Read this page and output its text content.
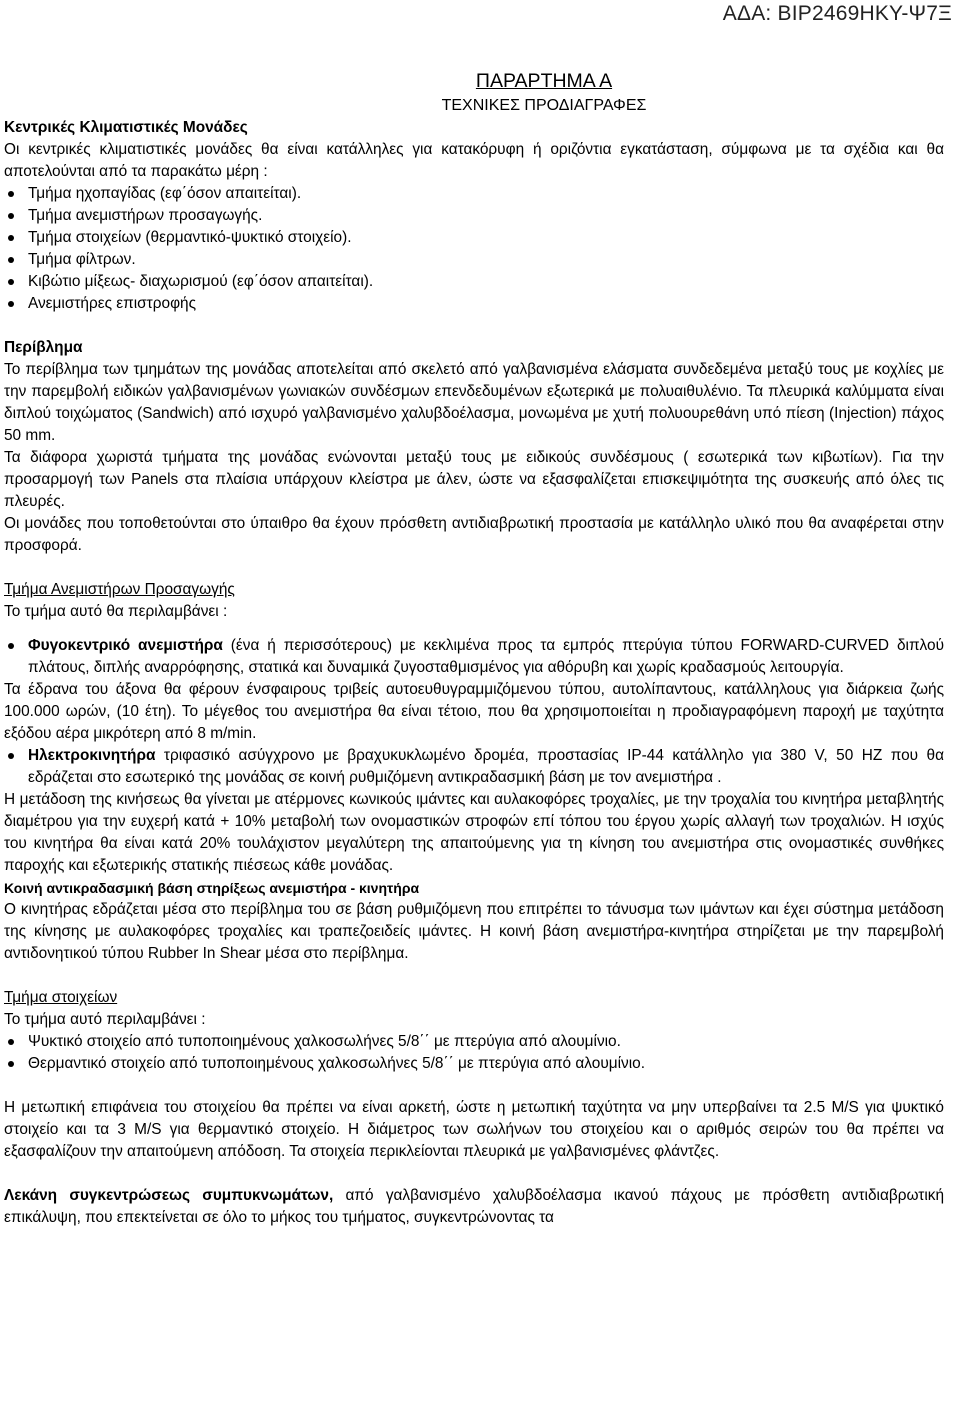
ΑΔΑ: ΒΙΡ2469ΗΚΥ-Ψ7Ξ

ΠΑΡΑΡΤΗΜΑ Α

ΤΕΧΝΙΚΕΣ ΠΡΟΔΙΑΓΡΑΦΕΣ

Κεντρικές Κλιματιστικές Μονάδες

Οι κεντρικές κλιματιστικές μονάδες θα είναι κατάλληλες για κατακόρυφη ή οριζόντια εγκατάσταση, σύμφωνα με τα σχέδια και θα αποτελούνται από τα παρακάτω μέρη :

Τμήμα ηχοπαγίδας (εφ΄όσον απαιτείται).
Τμήμα ανεμιστήρων προσαγωγής.
Τμήμα στοιχείων (θερμαντικό-ψυκτικό στοιχείο).
Τμήμα φίλτρων.
Κιβώτιο μίξεως- διαχωρισμού (εφ΄όσον απαιτείται).
Ανεμιστήρες επιστροφής

Περίβλημα

Το περίβλημα των τμημάτων της μονάδας αποτελείται από σκελετό από γαλβανισμένα ελάσματα συνδεδεμένα μεταξύ τους με κοχλίες με την παρεμβολή ειδικών γαλβανισμένων γωνιακών συνδέσμων επενδεδυμένων εξωτερικά με πολυαιθυλένιο. Τα πλευρικά καλύμματα είναι διπλού τοιχώματος (Sandwich) από ισχυρό γαλβανισμένο χαλυβδοέλασμα, μονωμένα με χυτή πολυουρεθάνη υπό πίεση (Injection) πάχος 50 mm.

Τα διάφορα χωριστά τμήματα της μονάδας ενώνονται μεταξύ τους με ειδικούς συνδέσμους ( εσωτερικά των κιβωτίων). Για την προσαρμογή των Panels στα πλαίσια υπάρχουν κλείστρα με άλεν, ώστε να εξασφαλίζεται επισκεψιμότητα της συσκευής από όλες τις πλευρές.

Οι μονάδες που τοποθετούνται στο ύπαιθρο θα έχουν πρόσθετη αντιδιαβρωτική προστασία με κατάλληλο υλικό που θα αναφέρεται στην προσφορά.

Τμήμα Ανεμιστήρων Προσαγωγής

Το τμήμα αυτό θα περιλαμβάνει :

Φυγοκεντρικό ανεμιστήρα (ένα ή περισσότερους) με κεκλιμένα προς τα εμπρός πτερύγια τύπου FORWARD-CURVED διπλού πλάτους, διπλής αναρρόφησης, στατικά και δυναμικά ζυγοσταθμισμένος για αθόρυβη και χωρίς κραδασμούς λειτουργία.

Τα έδρανα του άξονα θα φέρουν ένσφαιρους τριβείς αυτοευθυγραμμιζόμενου τύπου, αυτολίπαντους, κατάλληλους για διάρκεια ζωής 100.000 ωρών, (10 έτη). Το μέγεθος του ανεμιστήρα θα είναι τέτοιο, που θα χρησιμοποιείται η προδιαγραφόμενη παροχή με ταχύτητα εξόδου αέρα μικρότερη από 8 m/min.

Ηλεκτροκινητήρα τριφασικό ασύγχρονο με βραχυκυκλωμένο δρομέα, προστασίας IP-44 κατάλληλο για 380 V, 50 HZ που θα εδράζεται στο εσωτερικό της μονάδας σε κοινή ρυθμιζόμενη αντικραδασμική βάση με τον ανεμιστήρα .

Η μετάδοση της κινήσεως θα γίνεται με ατέρμονες κωνικούς ιμάντες και αυλακοφόρες τροχαλίες, με την τροχαλία του κινητήρα μεταβλητής διαμέτρου για την ευχερή κατά + 10% μεταβολή των ονομαστικών στροφών επί τόπου του έργου χωρίς αλλαγή των τροχαλιών. Η ισχύς του κινητήρα θα είναι κατά 20% τουλάχιστον μεγαλύτερη της απαιτούμενης για τη κίνηση του ανεμιστήρα στις ονομαστικές συνθήκες παροχής και εξωτερικής στατικής πιέσεως κάθε μονάδας.

Κοινή αντικραδασμική βάση στηρίξεως ανεμιστήρα - κινητήρα

Ο κινητήρας εδράζεται μέσα στο περίβλημα του σε βάση ρυθμιζόμενη που επιτρέπει το τάνυσμα των ιμάντων και έχει σύστημα μετάδοση της κίνησης με αυλακοφόρες τροχαλίες και τραπεζοειδείς ιμάντες. Η κοινή βάση ανεμιστήρα-κινητήρα στηρίζεται με την παρεμβολή αντιδονητικού τύπου Rubber In Shear μέσα στο περίβλημα.

Τμήμα στοιχείων

Το τμήμα αυτό περιλαμβάνει :

Ψυκτικό στοιχείο από τυποποιημένους χαλκοσωλήνες 5/8΄΄ με πτερύγια από αλουμίνιο.
Θερμαντικό στοιχείο από τυποποιημένους χαλκοσωλήνες 5/8΄΄ με πτερύγια από αλουμίνιο.

Η μετωπική επιφάνεια του στοιχείου θα πρέπει να είναι αρκετή, ώστε η μετωπική ταχύτητα να μην υπερβαίνει τα 2.5 M/S για ψυκτικό στοιχείο και τα 3 M/S για θερμαντικό στοιχείο. Η διάμετρος των σωλήνων του στοιχείου και ο αριθμός σειρών του θα πρέπει να εξασφαλίζουν την απαιτούμενη απόδοση. Τα στοιχεία περικλείονται πλευρικά με γαλβανισμένες φλάντζες.

Λεκάνη συγκεντρώσεως συμπυκνωμάτων, από γαλβανισμένο χαλυβδοέλασμα ικανού πάχους με πρόσθετη αντιδιαβρωτική επικάλυψη, που επεκτείνεται σε όλο το μήκος του τμήματος, συγκεντρώνοντας τα
